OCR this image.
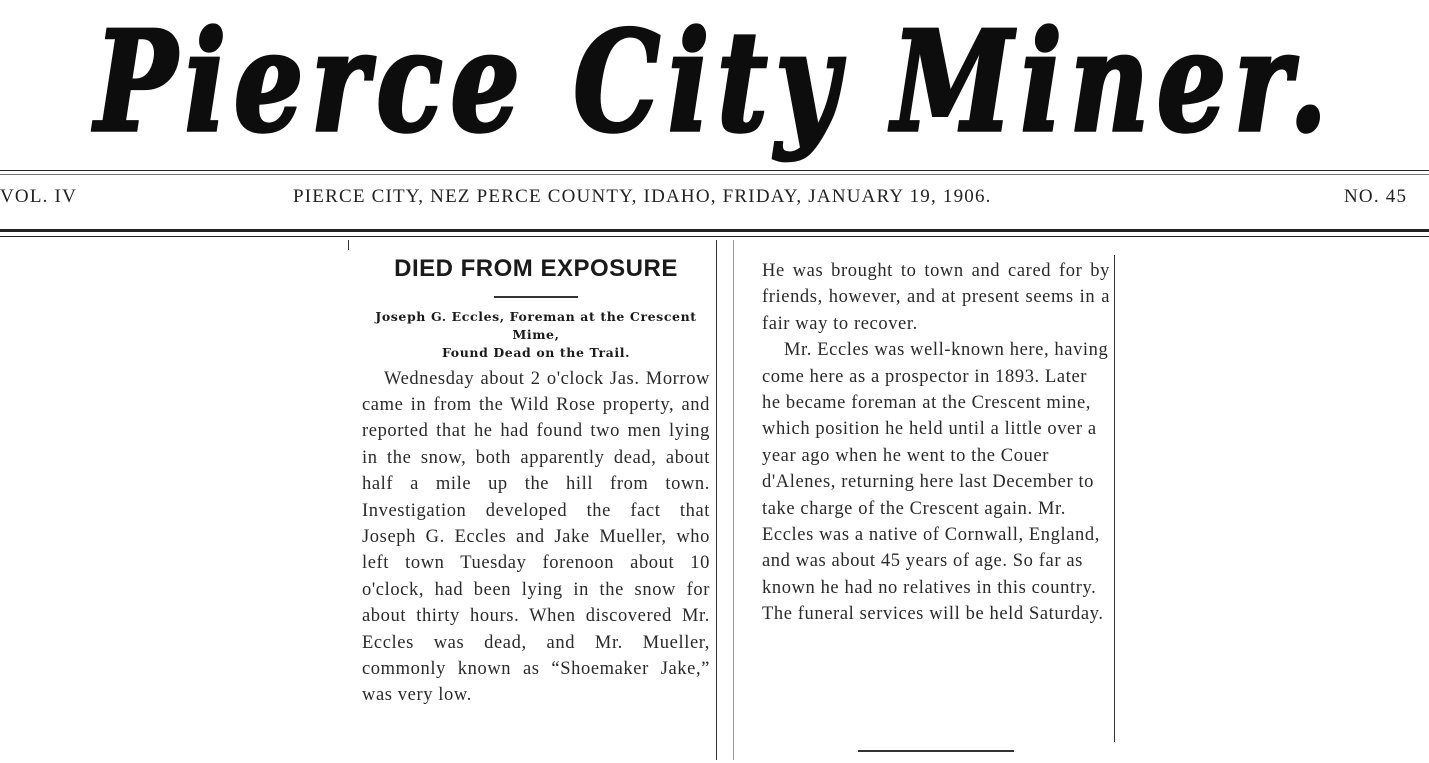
Pierce City Miner.
VOL. IV	PIERCE CITY, NEZ PERCE COUNTY, IDAHO, FRIDAY, JANUARY 19, 1906.	NO. 45
DIED FROM EXPOSURE
Joseph G. Eccles, Foreman at the Crescent Mime,
Found Dead on the Trail.

Wednesday about 2 o'clock Jas. Morrow came in from the Wild Rose property, and reported that he had found two men lying in the snow, both apparently dead, about half a mile up the hill from town. Investigation developed the fact that Joseph G. Eccles and Jake Mueller, who left town Tuesday forenoon about 10 o'clock, had been lying in the snow for about thirty hours. When discovered Mr. Eccles was dead, and Mr. Mueller, commonly known as “Shoemaker Jake,” was very low.

He was brought to town and cared for by friends, however, and at present seems in a fair way to recover.

Mr. Eccles was well-known here, having come here as a prospector in 1893. Later he became foreman at the Crescent mine, which position he held until a little over a year ago when he went to the Couer d'Alenes, returning here last December to take charge of the Crescent again. Mr. Eccles was a native of Cornwall, England, and was about 45 years of age. So far as known he had no relatives in this country. The funeral services will be held Saturday.
